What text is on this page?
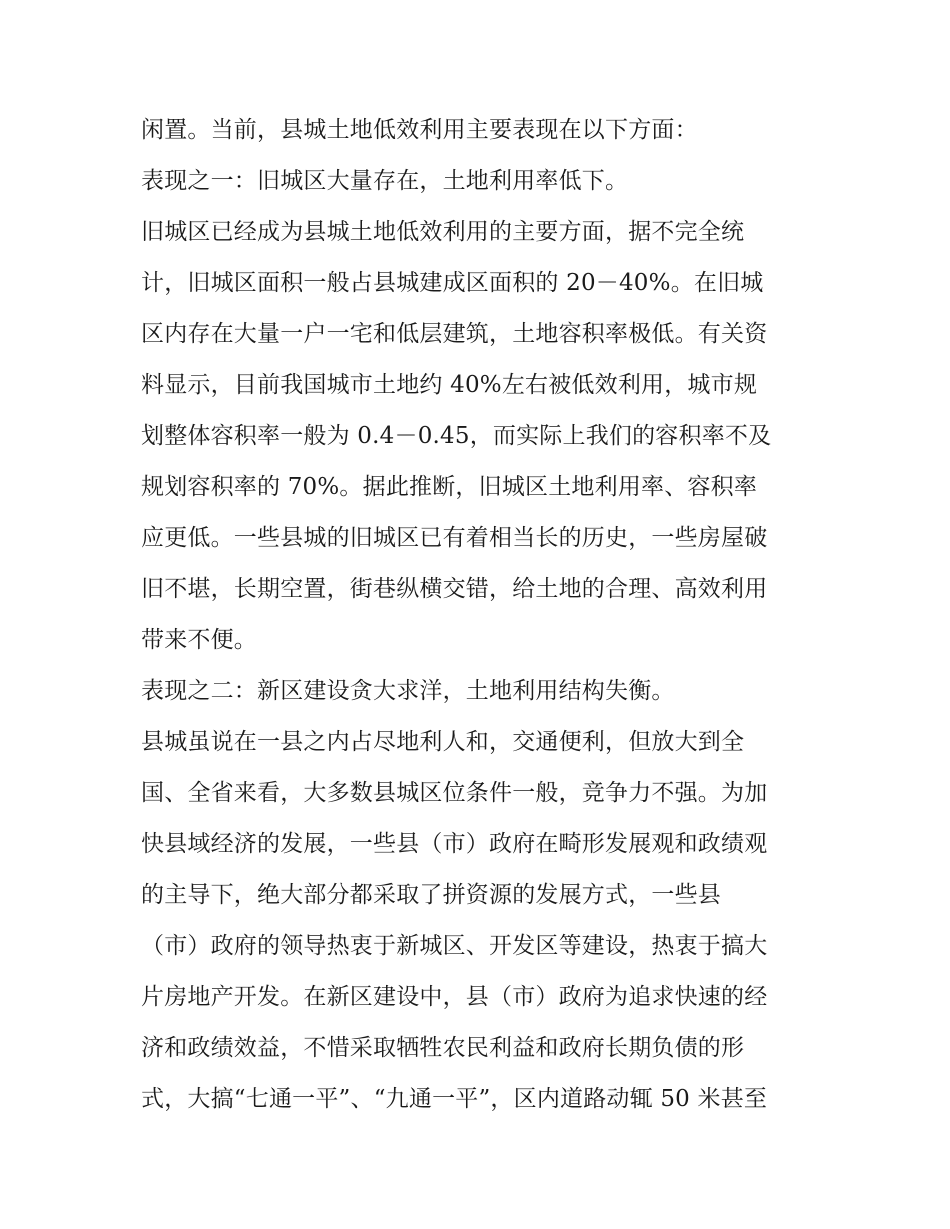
闲置。当前，县城土地低效利用主要表现在以下方面：
表现之一：旧城区大量存在，土地利用率低下。
旧城区已经成为县城土地低效利用的主要方面，据不完全统
计，旧城区面积一般占县城建成区面积的 20－40%。在旧城
区内存在大量一户一宅和低层建筑，土地容积率极低。有关资
料显示，目前我国城市土地约 40%左右被低效利用，城市规
划整体容积率一般为 0.4－0.45，而实际上我们的容积率不及
规划容积率的 70%。据此推断，旧城区土地利用率、容积率
应更低。一些县城的旧城区已有着相当长的历史，一些房屋破
旧不堪，长期空置，街巷纵横交错，给土地的合理、高效利用
带来不便。
表现之二：新区建设贪大求洋，土地利用结构失衡。
县城虽说在一县之内占尽地利人和，交通便利，但放大到全
国、全省来看，大多数县城区位条件一般，竞争力不强。为加
快县域经济的发展，一些县（市）政府在畸形发展观和政绩观
的主导下，绝大部分都采取了拼资源的发展方式，一些县
（市）政府的领导热衷于新城区、开发区等建设，热衷于搞大
片房地产开发。在新区建设中，县（市）政府为追求快速的经
济和政绩效益，不惜采取牺牲农民利益和政府长期负债的形
式，大搞“七通一平”、“九通一平”，区内道路动辄 50 米甚至
